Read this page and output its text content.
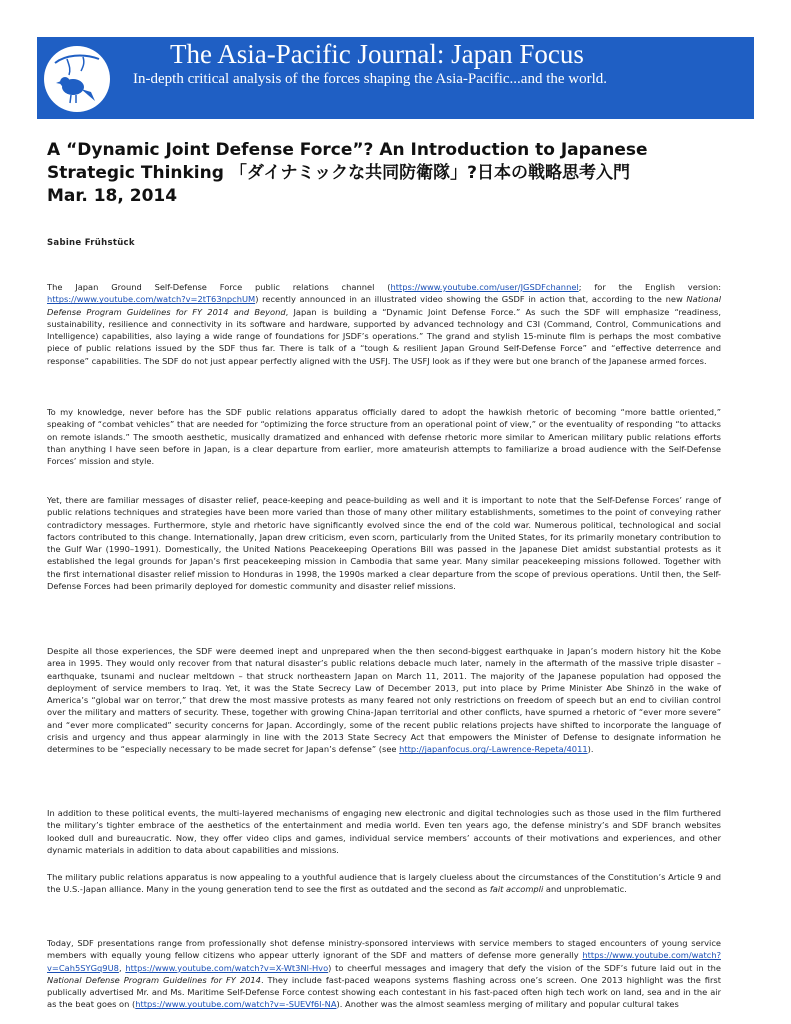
The Asia-Pacific Journal: Japan Focus
In-depth critical analysis of the forces shaping the Asia-Pacific...and the world.
A “Dynamic Joint Defense Force”? An Introduction to Japanese
Strategic Thinking 「ダイナミックな共同防衛隊」?日本の戦略思考入門
Mar. 18, 2014
Sabine Frühstück

The Japan Ground Self-Defense Force public relations channel (https://www.youtube.com/user/JGSDFchannel; for the English version: https://www.youtube.com/watch?v=2tT63npchUM) recently announced in an illustrated video showing the GSDF in action that, according to the new National Defense Program Guidelines for FY 2014 and Beyond, Japan is building a “Dynamic Joint Defense Force.” As such the SDF will emphasize “readiness, sustainability, resilience and connectivity in its software and hardware, supported by advanced technology and C3I (Command, Control, Communications and Intelligence) capabilities, also laying a wide range of foundations for JSDF’s operations.” The grand and stylish 15-minute film is perhaps the most combative piece of public relations issued by the SDF thus far. There is talk of a “tough & resilient Japan Ground Self-Defense Force” and “effective deterrence and response” capabilities. The SDF do not just appear perfectly aligned with the USFJ. The USFJ look as if they were but one branch of the Japanese armed forces.

To my knowledge, never before has the SDF public relations apparatus officially dared to adopt the hawkish rhetoric of becoming “more battle oriented,” speaking of “combat vehicles” that are needed for “optimizing the force structure from an operational point of view,” or the eventuality of responding “to attacks on remote islands.” The smooth aesthetic, musically dramatized and enhanced with defense rhetoric more similar to American military public relations efforts than anything I have seen before in Japan, is a clear departure from earlier, more amateurish attempts to familiarize a broad audience with the Self-Defense Forces’ mission and style.

Yet, there are familiar messages of disaster relief, peace-keeping and peace-building as well and it is important to note that the Self-Defense Forces’ range of public relations techniques and strategies have been more varied than those of many other military establishments, sometimes to the point of conveying rather contradictory messages. Furthermore, style and rhetoric have significantly evolved since the end of the cold war. Numerous political, technological and social factors contributed to this change. Internationally, Japan drew criticism, even scorn, particularly from the United States, for its primarily monetary contribution to the Gulf War (1990–1991). Domestically, the United Nations Peacekeeping Operations Bill was passed in the Japanese Diet amidst substantial protests as it established the legal grounds for Japan’s first peacekeeping mission in Cambodia that same year. Many similar peacekeeping missions followed. Together with the first international disaster relief mission to Honduras in 1998, the 1990s marked a clear departure from the scope of previous operations. Until then, the Self-Defense Forces had been primarily deployed for domestic community and disaster relief missions.

Despite all those experiences, the SDF were deemed inept and unprepared when the then second-biggest earthquake in Japan’s modern history hit the Kobe area in 1995. They would only recover from that natural disaster’s public relations debacle much later, namely in the aftermath of the massive triple disaster – earthquake, tsunami and nuclear meltdown – that struck northeastern Japan on March 11, 2011. The majority of the Japanese population had opposed the deployment of service members to Iraq. Yet, it was the State Secrecy Law of December 2013, put into place by Prime Minister Abe Shinzō in the wake of America’s “global war on terror,” that drew the most massive protests as many feared not only restrictions on freedom of speech but an end to civilian control over the military and matters of security. These, together with growing China-Japan territorial and other conflicts, have spurned a rhetoric of “ever more severe” and “ever more complicated” security concerns for Japan. Accordingly, some of the recent public relations projects have shifted to incorporate the language of crisis and urgency and thus appear alarmingly in line with the 2013 State Secrecy Act that empowers the Minister of Defense to designate information he determines to be “especially necessary to be made secret for Japan’s defense” (see http://japanfocus.org/-Lawrence-Repeta/4011).

In addition to these political events, the multi-layered mechanisms of engaging new electronic and digital technologies such as those used in the film furthered the military’s tighter embrace of the aesthetics of the entertainment and media world. Even ten years ago, the defense ministry’s and SDF branch websites looked dull and bureaucratic. Now, they offer video clips and games, individual service members’ accounts of their motivations and experiences, and other dynamic materials in addition to data about capabilities and missions.

The military public relations apparatus is now appealing to a youthful audience that is largely clueless about the circumstances of the Constitution’s Article 9 and the U.S.-Japan alliance. Many in the young generation tend to see the first as outdated and the second as fait accompli and unproblematic.

Today, SDF presentations range from professionally shot defense ministry-sponsored interviews with service members to staged encounters of young service members with equally young fellow citizens who appear utterly ignorant of the SDF and matters of defense more generally https://www.youtube.com/watch?v=Cah5SYGq9U8, https://www.youtube.com/watch?v=X-Wt3Nl-Hvo) to cheerful messages and imagery that defy the vision of the SDF’s future laid out in the National Defense Program Guidelines for FY 2014. They include fast-paced weapons systems flashing across one’s screen. One 2013 highlight was the first publically advertised Mr. and Ms. Maritime Self-Defense Force contest showing each contestant in his fast-paced often high tech work on land, sea and in the air as the beat goes on (https://www.youtube.com/watch?v=-SUEVf6I-NA). Another was the almost seamless merging of military and popular cultural takes
